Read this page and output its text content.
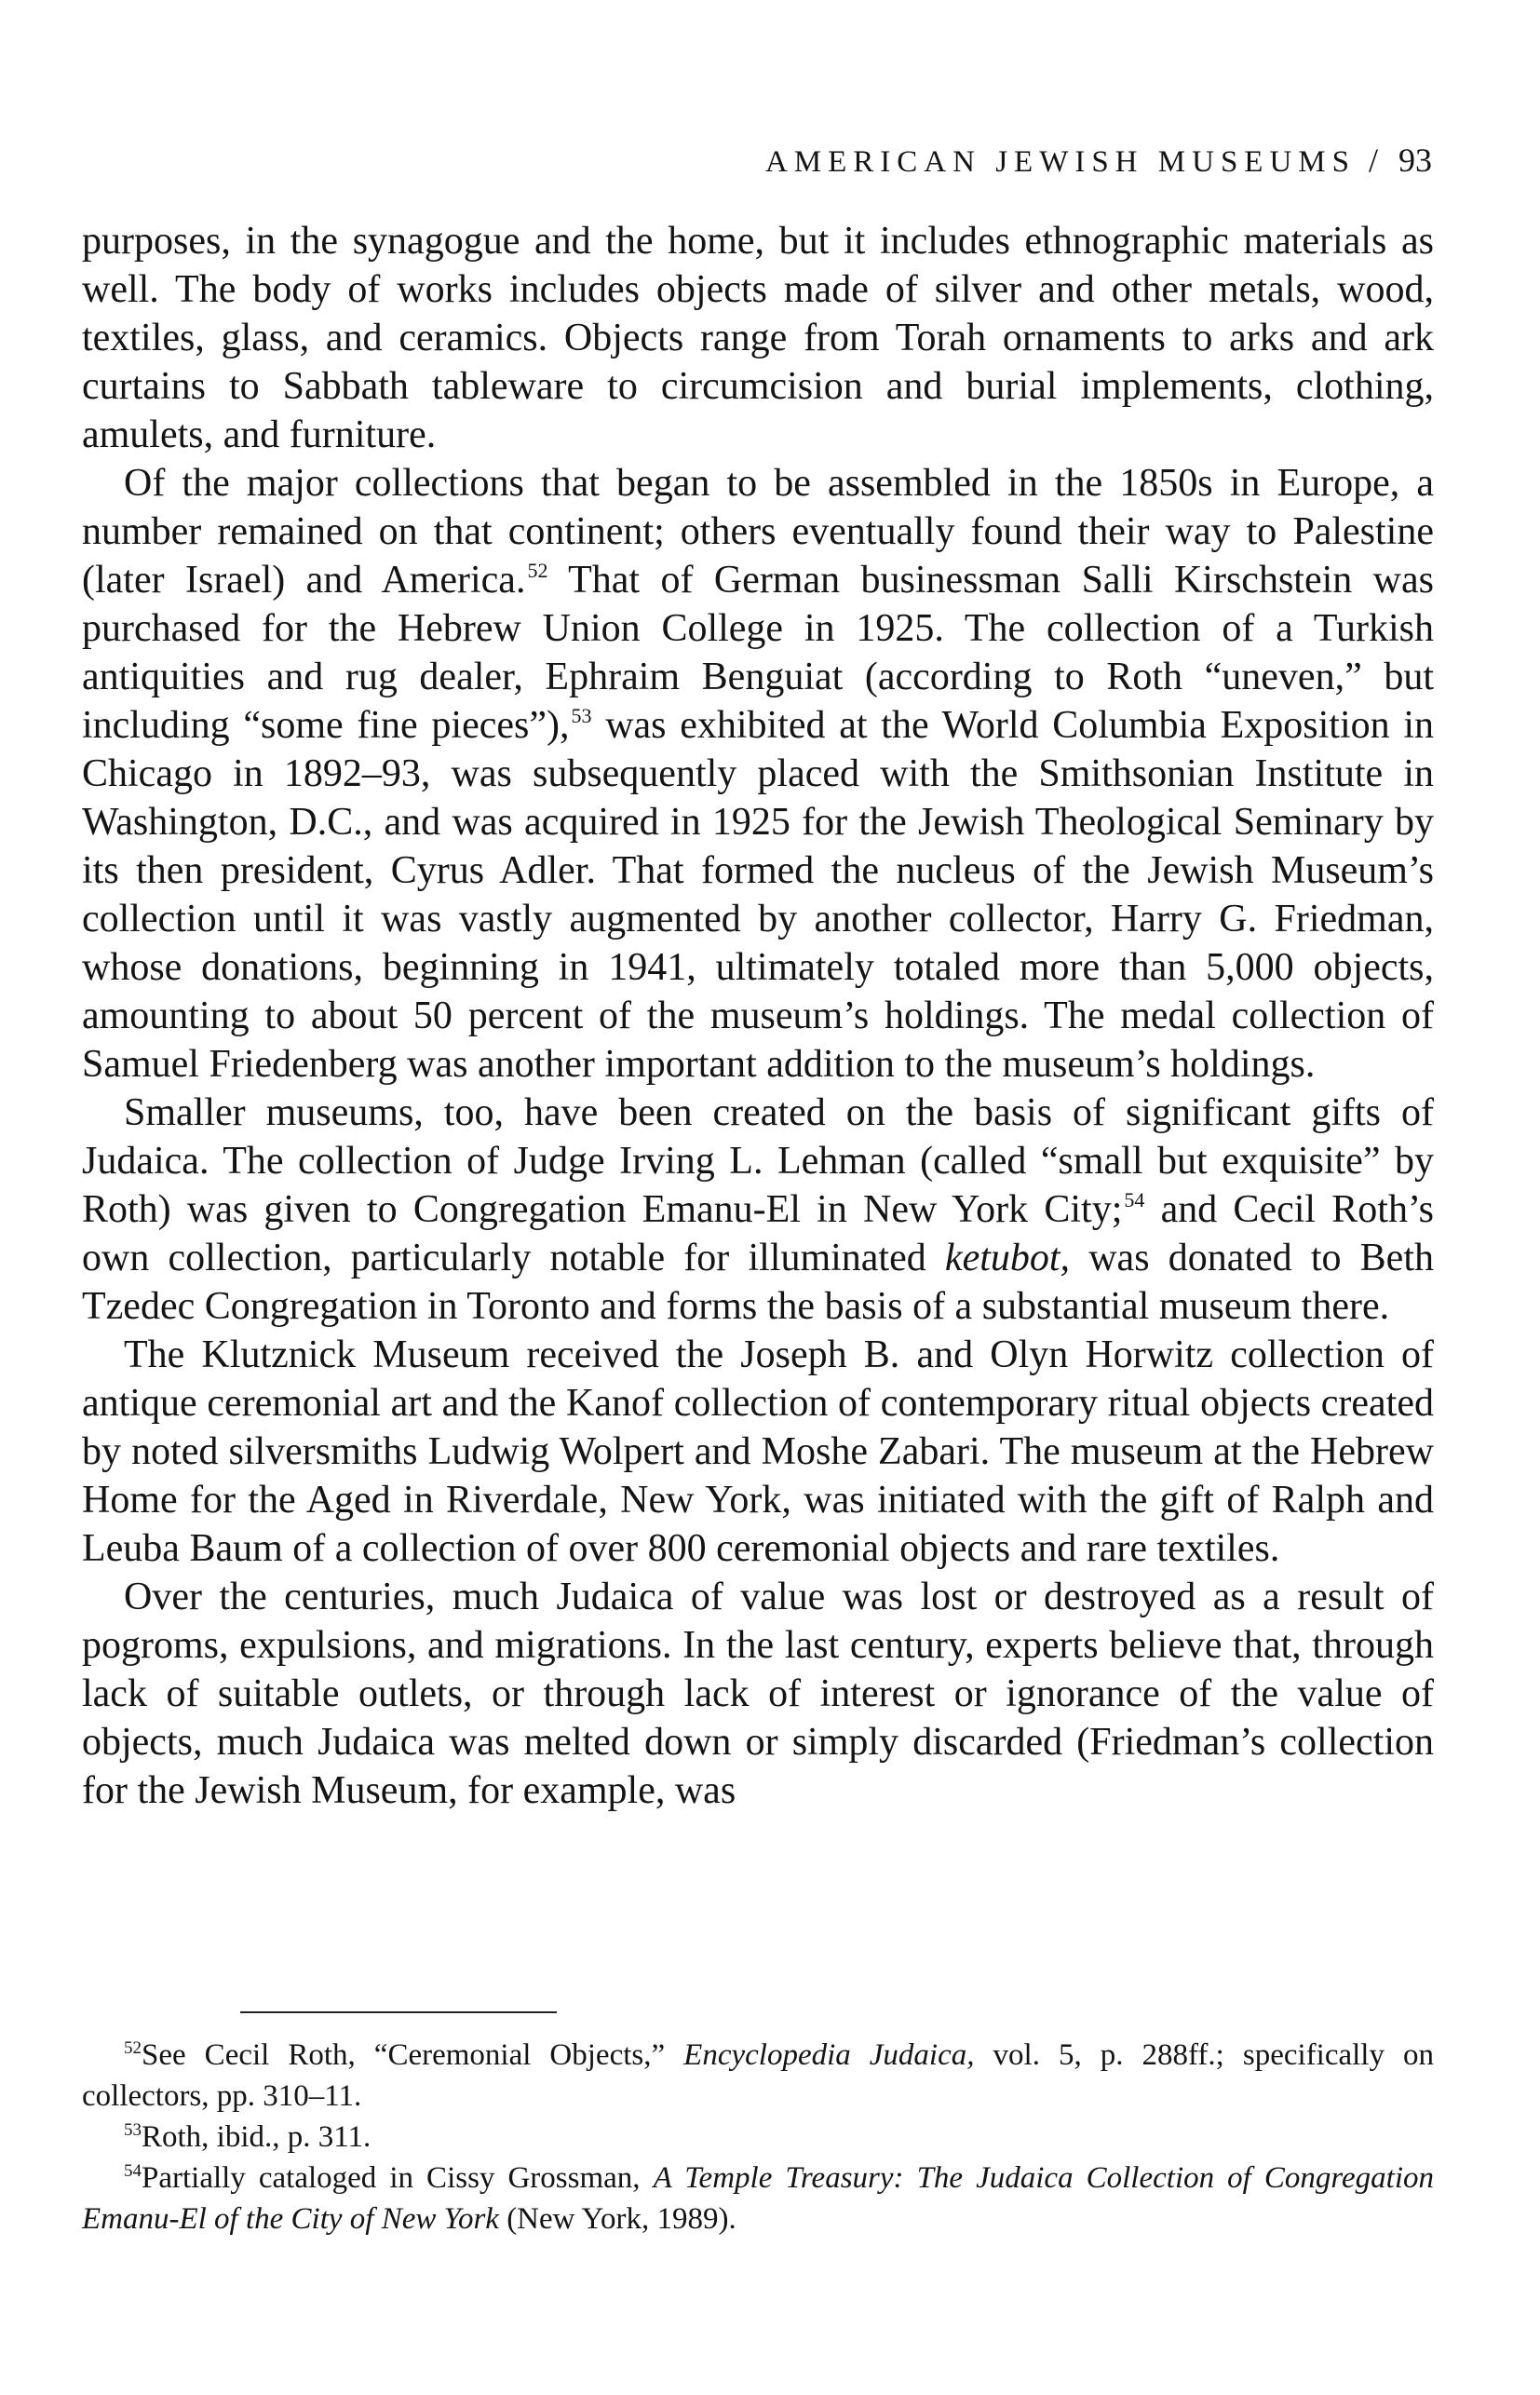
AMERICAN JEWISH MUSEUMS / 93

purposes, in the synagogue and the home, but it includes ethnographic materials as well. The body of works includes objects made of silver and other metals, wood, textiles, glass, and ceramics. Objects range from Torah ornaments to arks and ark curtains to Sabbath tableware to circumcision and burial implements, clothing, amulets, and furniture.

Of the major collections that began to be assembled in the 1850s in Europe, a number remained on that continent; others eventually found their way to Palestine (later Israel) and America.$^{52}$ That of German businessman Salli Kirschstein was purchased for the Hebrew Union College in 1925. The collection of a Turkish antiquities and rug dealer, Ephraim Benguiat (according to Roth “uneven,” but including “some fine pieces”),$^{53}$ was exhibited at the World Columbia Exposition in Chicago in 1892–93, was subsequently placed with the Smithsonian Institute in Washington, D.C., and was acquired in 1925 for the Jewish Theological Seminary by its then president, Cyrus Adler. That formed the nucleus of the Jewish Museum’s collection until it was vastly augmented by another collector, Harry G. Friedman, whose donations, beginning in 1941, ultimately totaled more than 5,000 objects, amounting to about 50 percent of the museum’s holdings. The medal collection of Samuel Friedenberg was another important addition to the museum’s holdings.

Smaller museums, too, have been created on the basis of significant gifts of Judaica. The collection of Judge Irving L. Lehman (called “small but exquisite” by Roth) was given to Congregation Emanu-El in New York City;$^{54}$ and Cecil Roth’s own collection, particularly notable for illuminated ketubot, was donated to Beth Tzedec Congregation in Toronto and forms the basis of a substantial museum there.

The Klutznick Museum received the Joseph B. and Olyn Horwitz collection of antique ceremonial art and the Kanof collection of contemporary ritual objects created by noted silversmiths Ludwig Wolpert and Moshe Zabari. The museum at the Hebrew Home for the Aged in Riverdale, New York, was initiated with the gift of Ralph and Leuba Baum of a collection of over 800 ceremonial objects and rare textiles.

Over the centuries, much Judaica of value was lost or destroyed as a result of pogroms, expulsions, and migrations. In the last century, experts believe that, through lack of suitable outlets, or through lack of interest or ignorance of the value of objects, much Judaica was melted down or simply discarded (Friedman’s collection for the Jewish Museum, for example, was

$^{52}$See Cecil Roth, “Ceremonial Objects,” Encyclopedia Judaica, vol. 5, p. 288ff.; specifically on collectors, pp. 310–11.

$^{53}$Roth, ibid., p. 311.

$^{54}$Partially cataloged in Cissy Grossman, A Temple Treasury: The Judaica Collection of Congregation Emanu-El of the City of New York (New York, 1989).
